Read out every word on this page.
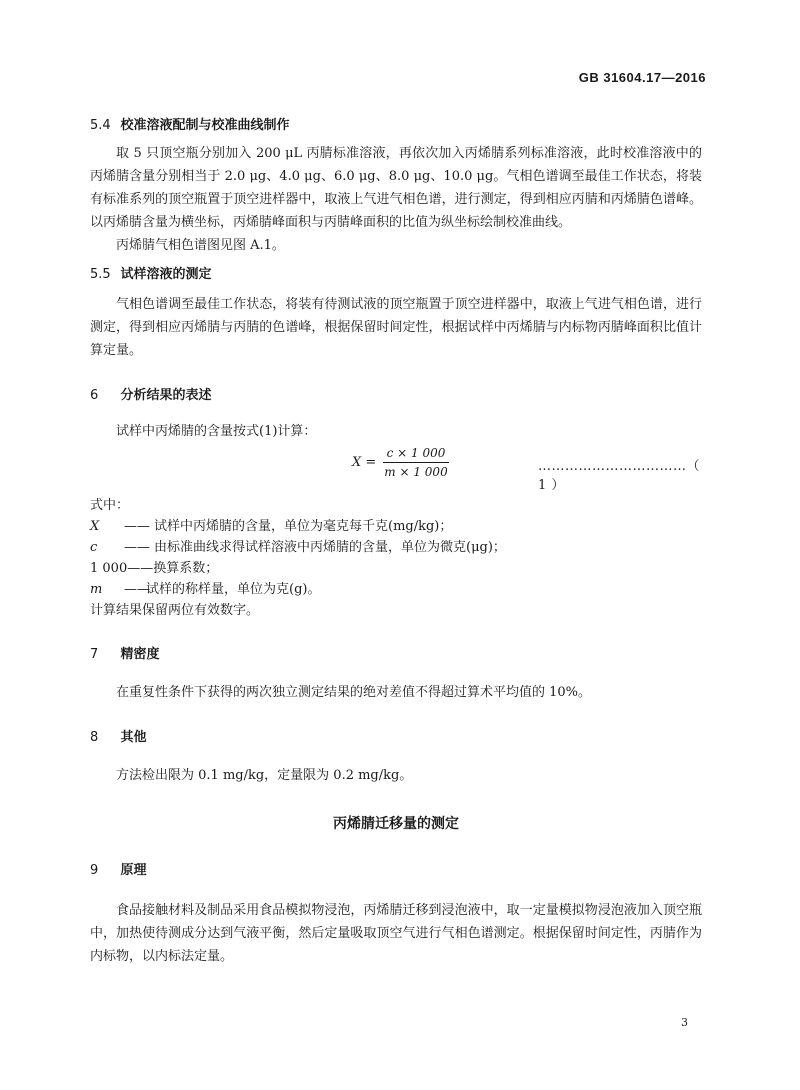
GB 31604.17—2016
5.4 校准溶液配制与校准曲线制作

取 5 只顶空瓶分别加入 200 μL 丙腈标准溶液，再依次加入丙烯腈系列标准溶液，此时校准溶液中的丙烯腈含量分别相当于 2.0 μg、4.0 μg、6.0 μg、8.0 μg、10.0 μg。气相色谱调至最佳工作状态，将装有标准系列的顶空瓶置于顶空进样器中，取液上气进气相色谱，进行测定，得到相应丙腈和丙烯腈色谱峰。以丙烯腈含量为横坐标，丙烯腈峰面积与丙腈峰面积的比值为纵坐标绘制校准曲线。

丙烯腈气相色谱图见图 A.1。

5.5 试样溶液的测定

气相色谱调至最佳工作状态，将装有待测试液的顶空瓶置于顶空进样器中，取液上气进气相色谱，进行测定，得到相应丙烯腈与丙腈的色谱峰，根据保留时间定性，根据试样中丙烯腈与内标物丙腈峰面积比值计算定量。

6 分析结果的表述

试样中丙烯腈的含量按式(1)计算：

$X = \frac{c \times 1 000}{m \times 1 000}$	……………………………（ 1 ）
式中：
X	—— 试样中丙烯腈的含量，单位为毫克每千克(mg/kg)；
c	—— 由标准曲线求得试样溶液中丙烯腈的含量，单位为微克(μg)；
1 000 —— 换算系数；
m	——
试样的称样量，单位为克(g)。
计算结果保留两位有效数字。
7 精密度

在重复性条件下获得的两次独立测定结果的绝对差值不得超过算术平均值的 10%。

8 其他

方法检出限为 0.1 mg/kg，定量限为 0.2 mg/kg。

丙烯腈迁移量的测定
9 原理

食品接触材料及制品采用食品模拟物浸泡，丙烯腈迁移到浸泡液中，取一定量模拟物浸泡液加入顶空瓶中，加热使待测成分达到气液平衡，然后定量吸取顶空气进行气相色谱测定。根据保留时间定性，丙腈作为内标物，以内标法定量。

3
